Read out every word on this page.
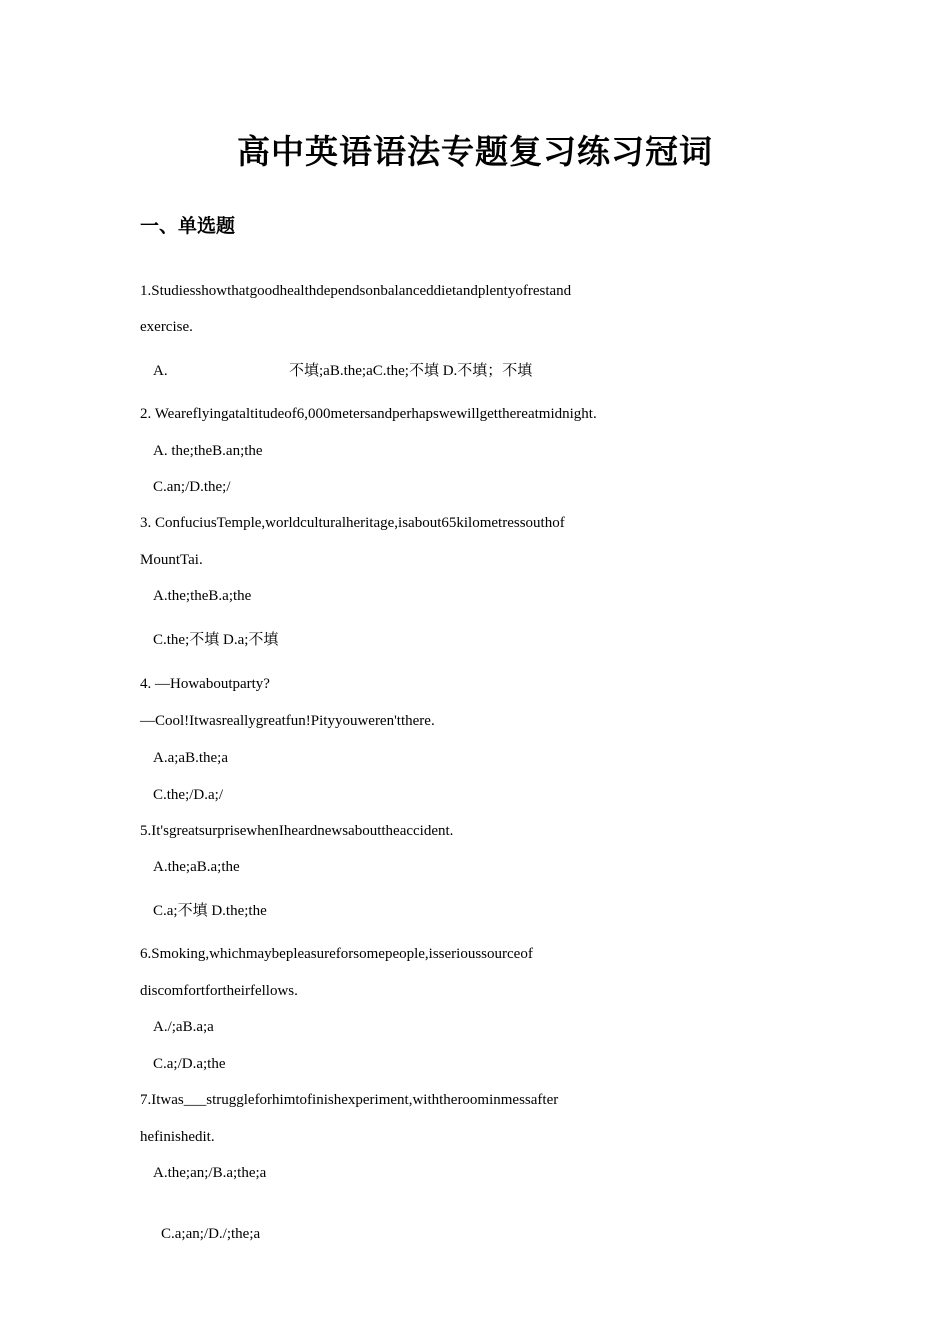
高中英语语法专题复习练习冠词
一、单选题
1.Studiesshowthatgoodhealthdependsonbalanceddietandplentyofrestand
exercise.
A.	不填;aB.the;aC.the;不填 D.不填；不填
2. Weareflyingataltitudeof6,000metersandperhapswewillgetthereatmidnight.
A. the;theB.an;the
C.an;/D.the;/
3. ConfuciusTemple,worldculturalheritage,isabout65kilometressouthof
MountTai.
A.the;theB.a;the
C.the;不填 D.a;不填
4. —Howaboutparty?
—Cool!Itwasreallygreatfun!Pityyouweren'tthere.
A.a;aB.the;a
C.the;/D.a;/
5.It'sgreatsurprisewhenIheardnewsabouttheaccident.
A.the;aB.a;the
C.a;不填 D.the;the
6.Smoking,whichmaybepleasureforsomepeople,isserioussourceof
discomfortfortheirfellows.
A./;aB.a;a
C.a;/D.a;the
7.Itwas___struggleforhimtofinishexperiment,withtheroominmessafter
hefinishedit.
A.the;an;/B.a;the;a
C.a;an;/D./;the;a
